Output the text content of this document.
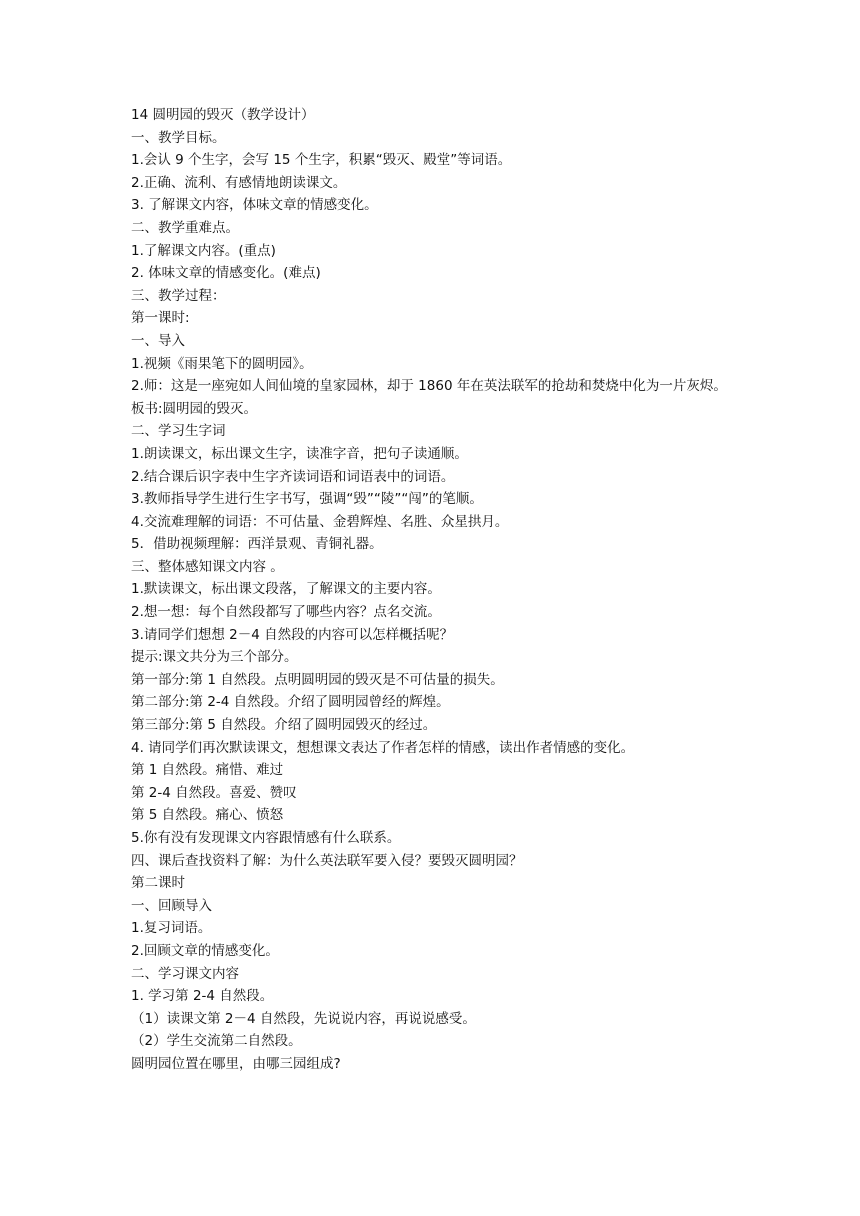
14 圆明园的毁灭（教学设计）

一、教学目标。

1.会认 9 个生字，会写 15 个生字，积累“毁灭、殿堂”等词语。

2.正确、流利、有感情地朗读课文。

3. 了解课文内容，体味文章的情感变化。

二、教学重难点。

1.了解课文内容。(重点)

2. 体味文章的情感变化。(难点)

三、教学过程：

第一课时:

一、导入

1.视频《雨果笔下的圆明园》。

2.师：这是一座宛如人间仙境的皇家园林，却于 1860 年在英法联军的抢劫和焚烧中化为一片灰烬。

板书:圆明园的毁灭。

二、学习生字词

1.朗读课文，标出课文生字，读准字音，把句子读通顺。

2.结合课后识字表中生字齐读词语和词语表中的词语。

3.教师指导学生进行生字书写，强调“毁”“陵”“闯”的笔顺。

4.交流难理解的词语：不可估量、金碧辉煌、名胜、众星拱月。

5．借助视频理解：西洋景观、青铜礼器。

三、整体感知课文内容 。

1.默读课文，标出课文段落，了解课文的主要内容。

2.想一想：每个自然段都写了哪些内容？点名交流。

3.请同学们想想 2－4 自然段的内容可以怎样概括呢？

提示:课文共分为三个部分。

第一部分:第 1 自然段。点明圆明园的毁灭是不可估量的损失。

第二部分:第 2-4 自然段。介绍了圆明园曾经的辉煌。

第三部分:第 5 自然段。介绍了圆明园毁灭的经过。

4. 请同学们再次默读课文，想想课文表达了作者怎样的情感，读出作者情感的变化。

第 1 自然段。痛惜、难过

第 2-4 自然段。喜爱、赞叹

第 5 自然段。痛心、愤怒

5.你有没有发现课文内容跟情感有什么联系。

四、课后查找资料了解：为什么英法联军要入侵？要毁灭圆明园？

第二课时

一、回顾导入

1.复习词语。

2.回顾文章的情感变化。

二、学习课文内容

1. 学习第 2-4 自然段。

（1）读课文第 2－4 自然段，先说说内容，再说说感受。

（2）学生交流第二自然段。

圆明园位置在哪里，由哪三园组成?
